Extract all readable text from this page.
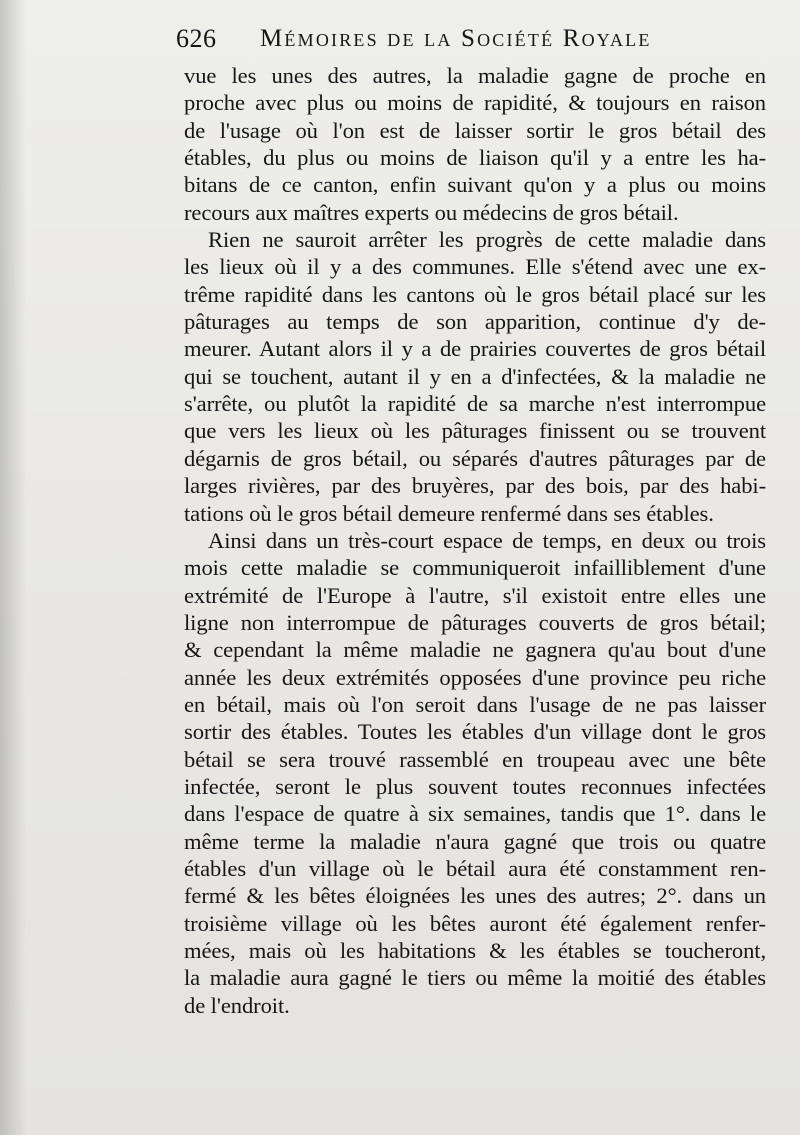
626 Mémoires de la Société Royale
vue les unes des autres, la maladie gagne de proche en
proche avec plus ou moins de rapidité, & toujours en raison
de l'usage où l'on est de laisser sortir le gros bétail des
étables, du plus ou moins de liaison qu'il y a entre les ha-
bitans de ce canton, enfin suivant qu'on y a plus ou moins
recours aux maîtres experts ou médecins de gros bétail.
Rien ne sauroit arrêter les progrès de cette maladie dans
les lieux où il y a des communes. Elle s'étend avec une ex-
trême rapidité dans les cantons où le gros bétail placé sur les
pâturages au temps de son apparition, continue d'y de-
meurer. Autant alors il y a de prairies couvertes de gros bétail
qui se touchent, autant il y en a d'infectées, & la maladie ne
s'arrête, ou plutôt la rapidité de sa marche n'est interrompue
que vers les lieux où les pâturages finissent ou se trouvent
dégarnis de gros bétail, ou séparés d'autres pâturages par de
larges rivières, par des bruyères, par des bois, par des habi-
tations où le gros bétail demeure renfermé dans ses étables.
Ainsi dans un très-court espace de temps, en deux ou trois
mois cette maladie se communiqueroit infailliblement d'une
extrémité de l'Europe à l'autre, s'il existoit entre elles une
ligne non interrompue de pâturages couverts de gros bétail;
& cependant la même maladie ne gagnera qu'au bout d'une
année les deux extrémités opposées d'une province peu riche
en bétail, mais où l'on seroit dans l'usage de ne pas laisser
sortir des étables. Toutes les étables d'un village dont le gros
bétail se sera trouvé rassemblé en troupeau avec une bête
infectée, seront le plus souvent toutes reconnues infectées
dans l'espace de quatre à six semaines, tandis que 1°. dans le
même terme la maladie n'aura gagné que trois ou quatre
étables d'un village où le bétail aura été constamment ren-
fermé & les bêtes éloignées les unes des autres; 2°. dans un
troisième village où les bêtes auront été également renfer-
mées, mais où les habitations & les étables se toucheront,
la maladie aura gagné le tiers ou même la moitié des étables
de l'endroit.
